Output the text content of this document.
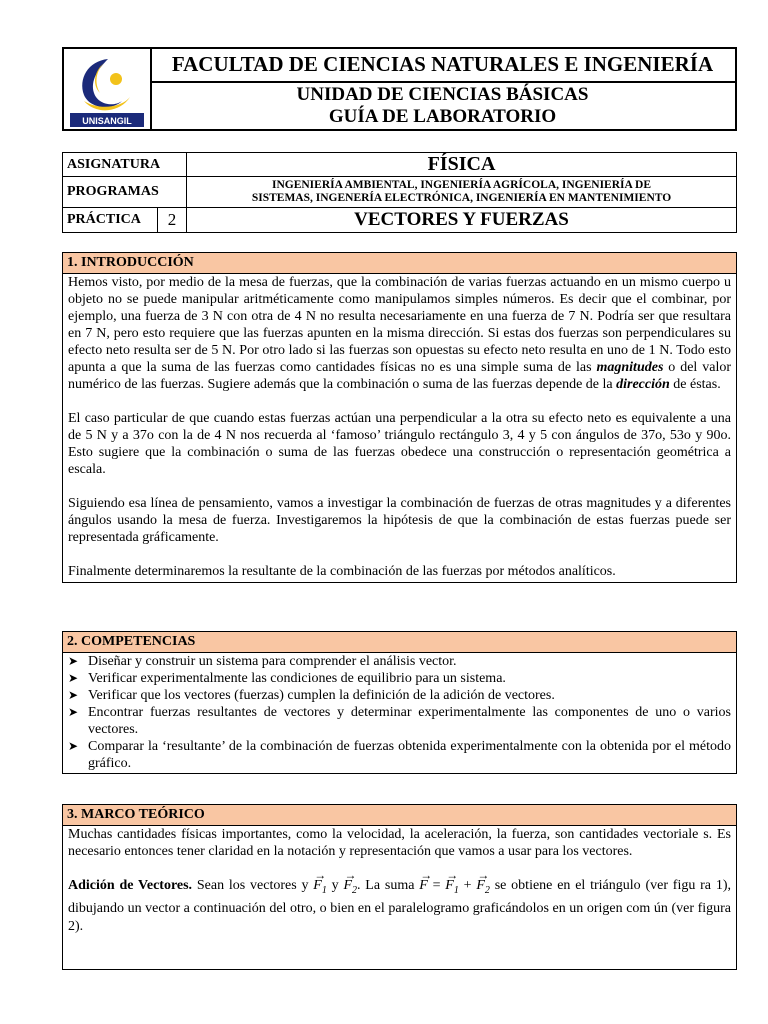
UNISANGIL
FACULTAD DE CIENCIAS NATURALES E INGENIERÍA
UNIDAD DE CIENCIAS BÁSICAS
GUÍA DE LABORATORIO
ASIGNATURA	FÍSICA
PROGRAMAS	INGENIERÍA AMBIENTAL, INGENIERÍA AGRÍCOLA, INGENIERÍA DE
SISTEMAS, INGENERÍA ELECTRÓNICA, INGENIERÍA EN MANTENIMIENTO

PRÁCTICA 2	VECTORES Y FUERZAS
1. INTRODUCCIÓN

Hemos visto, por medio de la mesa de fuerzas, que la combinación de varias fuerzas actuando en un mismo cuerpo u objeto no se puede manipular aritméticamente como manipulamos simples números. Es decir que el combinar, por ejemplo, una fuerza de 3 N con otra de 4 N no resulta necesariamente en una fuerza de 7 N. Podría ser que resultara en 7 N, pero esto requiere que las fuerzas apunten en la misma dirección. Si estas dos fuerzas son perpendiculares su efecto neto resulta ser de 5 N. Por otro lado si las fuerzas son opuestas su efecto neto resulta en uno de 1 N. Todo esto apunta a que la suma de las fuerzas como cantidades físicas no es una simple suma de las magnitudes o del valor numérico de las fuerzas. Sugiere además que la combinación o suma de las fuerzas depende de la dirección de éstas.

El caso particular de que cuando estas fuerzas actúan una perpendicular a la otra su efecto neto es equivalente a una de 5 N y a 37o con la de 4 N nos recuerda al ‘famoso’ triángulo rectángulo 3, 4 y 5 con ángulos de 37o, 53o y 90o. Esto sugiere que la combinación o suma de las fuerzas obedece una construcción o representación geométrica a escala.

Siguiendo esa línea de pensamiento, vamos a investigar la combinación de fuerzas de otras magnitudes y a diferentes ángulos usando la mesa de fuerza. Investigaremos la hipótesis de que la combinación de estas fuerzas puede ser representada gráficamente.

Finalmente determinaremos la resultante de la combinación de las fuerzas por métodos analíticos.

2. COMPETENCIAS
➤ Diseñar y construir un sistema para comprender el análisis vector.
➤ Verificar experimentalmente las condiciones de equilibrio para un sistema.
➤ Verificar que los vectores (fuerzas) cumplen la definición de la adición de vectores.
➤ Encontrar fuerzas resultantes de vectores y determinar experimentalmente las componentes de uno o varios vectores.
➤ Comparar la ‘resultante’ de la combinación de fuerzas obtenida experimentalmente con la obtenida por el método gráfico.
3. MARCO TEÓRICO

Muchas cantidades físicas importantes, como la velocidad, la aceleración, la fuerza, son cantidades vectoriale s. Es necesario entonces tener claridad en la notación y representación que vamos a usar para los vectores.

Adición de Vectores. Sean los vectores $y \to F_1$ $y \to F_2$. La suma → F = → $F_1$ + → $F_2$ se obtiene en el triángulo (ver figu ra 1), dibujando un vector a continuación del otro, o bien en el paralelogramo graficándolos en un origen com ún (ver figura 2).
